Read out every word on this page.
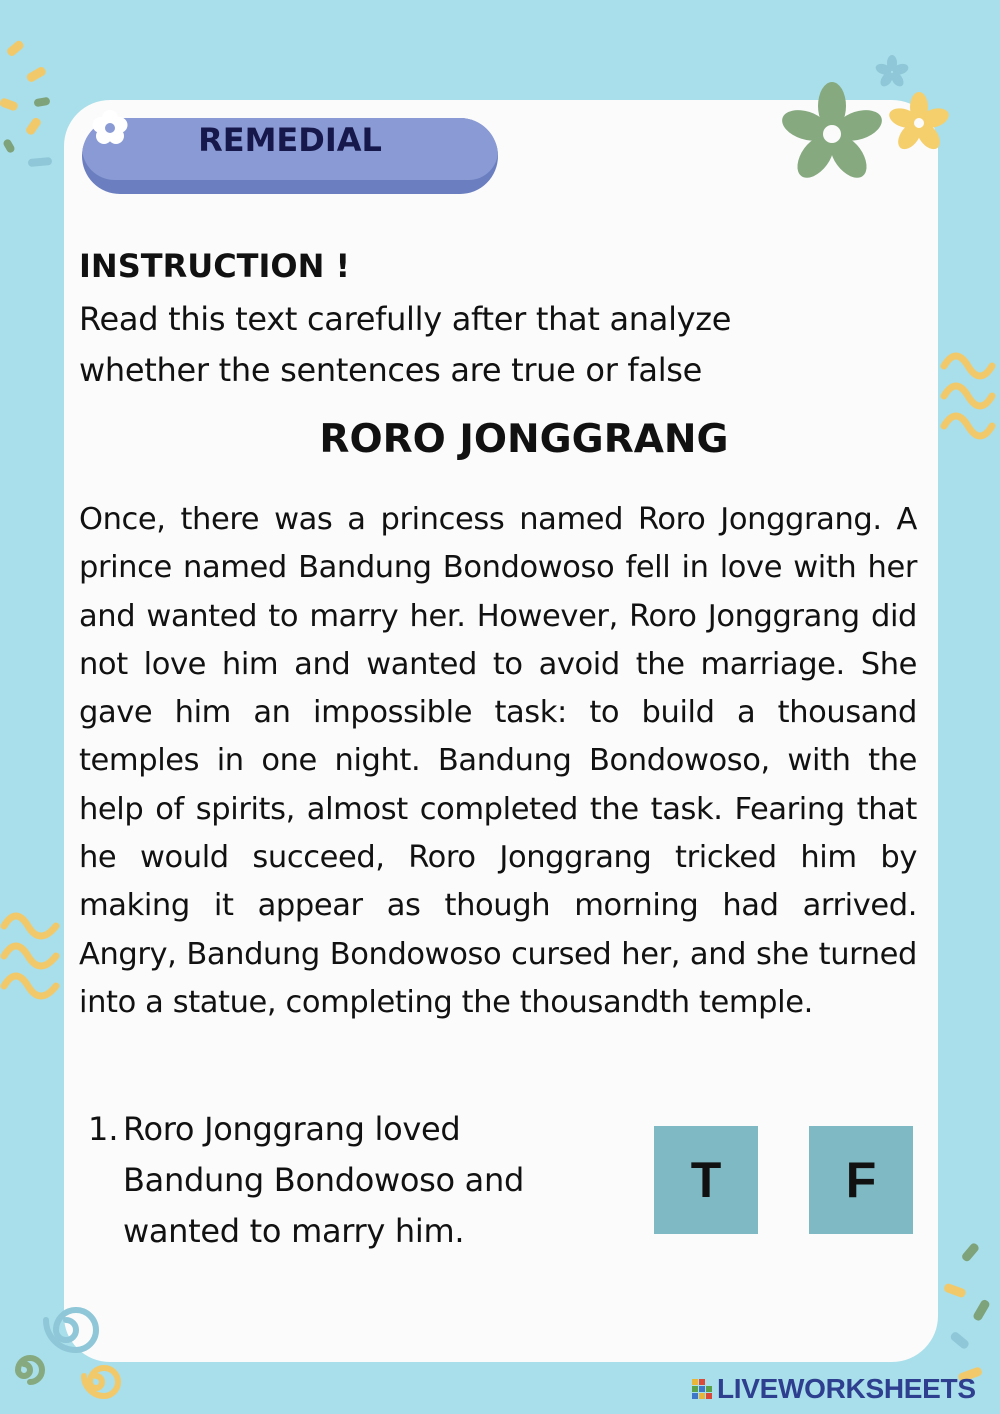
REMEDIAL
INSTRUCTION !
Read this text carefully after that analyze whether the sentences are true or false
RORO JONGGRANG

Once, there was a princess named Roro Jonggrang. A prince named Bandung Bondowoso fell in love with her and wanted to marry her. However, Roro Jonggrang did not love him and wanted to avoid the marriage. She gave him an impossible task: to build a thousand temples in one night. Bandung Bondowoso, with the help of spirits, almost completed the task. Fearing that he would succeed, Roro Jonggrang tricked him by making it appear as though morning had arrived. Angry, Bandung Bondowoso cursed her, and she turned into a statue, completing the thousandth temple.

1. Roro Jonggrang loved Bandung Bondowoso and wanted to marry him.
T	F
LIVEWORKSHEETS
